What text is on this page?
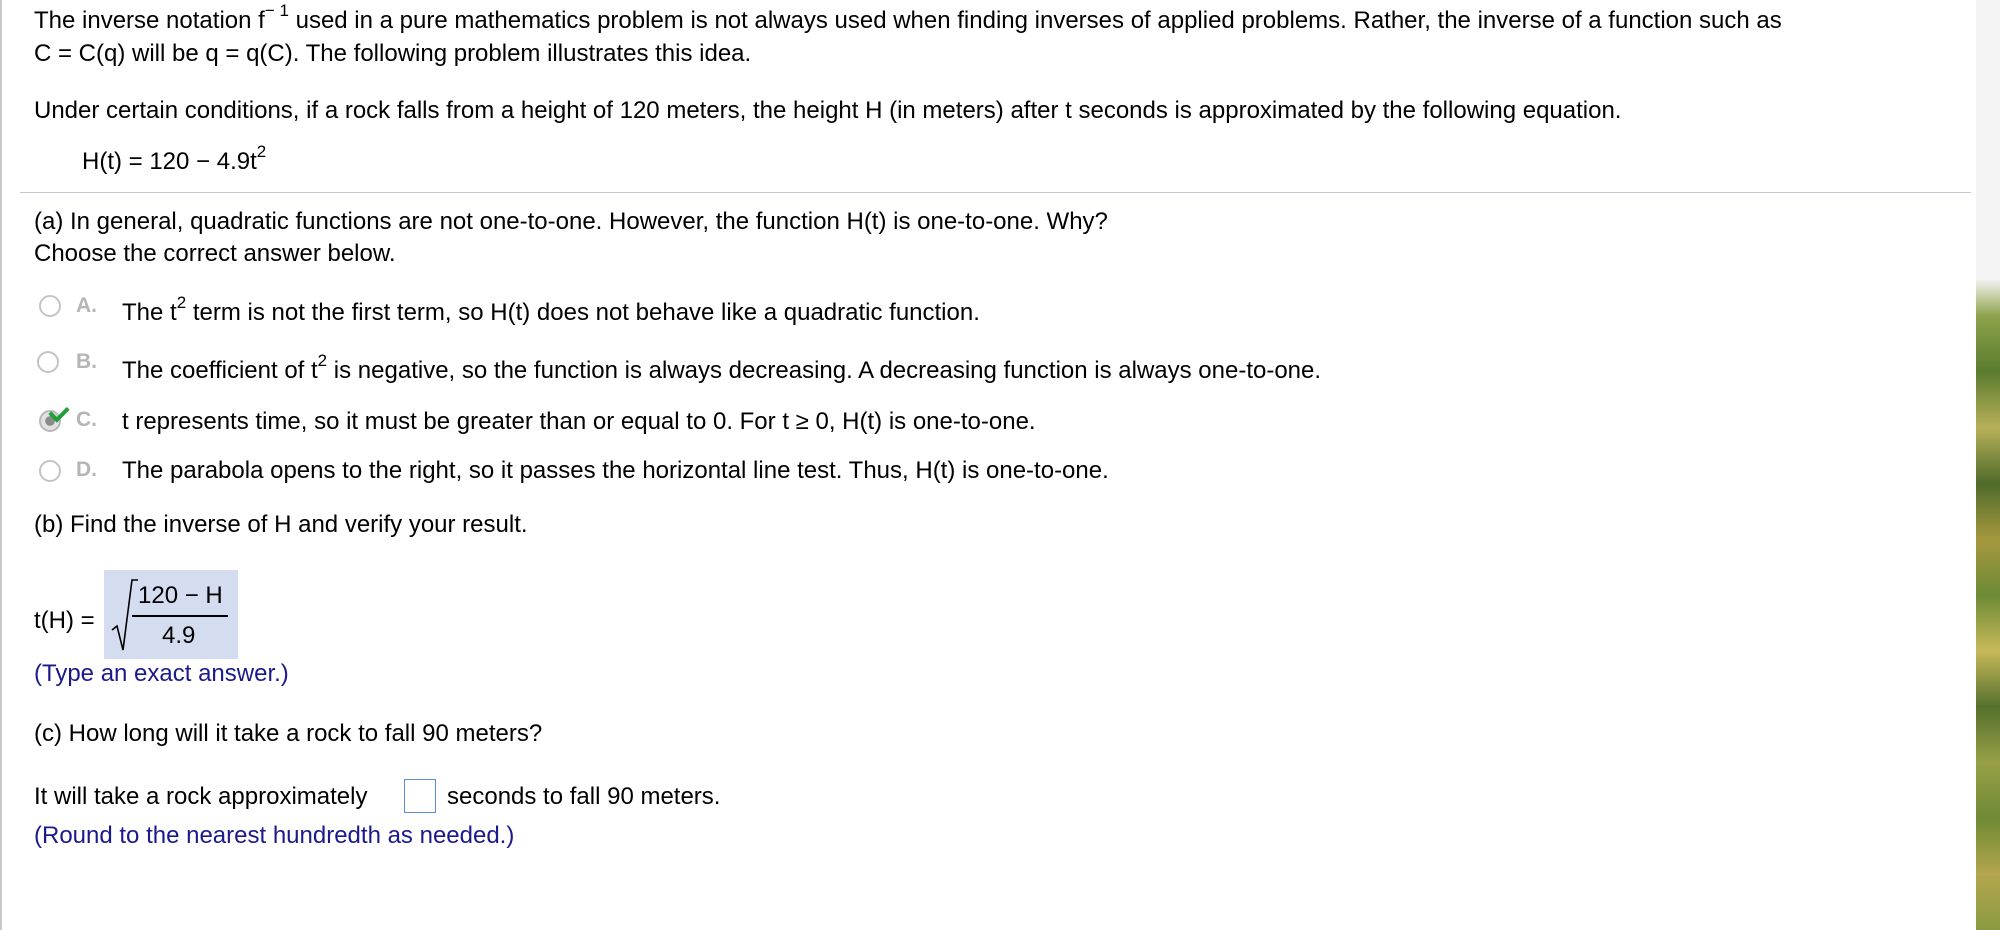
The inverse notation $f^{- 1}$ used in a pure mathematics problem is not always used when finding inverses of applied problems. Rather, the inverse of a function such as
C = C(q) will be q = q(C). The following problem illustrates this idea.
Under certain conditions, if a rock falls from a height of 120 meters, the height H (in meters) after t seconds is approximated by the following equation.
$H(t) = 120 - 4.9t^2$
(a) In general, quadratic functions are not one-to-one. However, the function H(t) is one-to-one. Why?
Choose the correct answer below.
A. The $t^2$ term is not the first term, so H(t) does not behave like a quadratic function.
B. The coefficient of $t^2$ is negative, so the function is always decreasing. A decreasing function is always one-to-one.
C. t represents time, so it must be greater than or equal to 0. For t ≥ 0, H(t) is one-to-one.
D. The parabola opens to the right, so it passes the horizontal line test. Thus, H(t) is one-to-one.
(b) Find the inverse of H and verify your result.
t(H) =
120 − H
4.9
(Type an exact answer.)
(c) How long will it take a rock to fall 90 meters?
It will take a rock approximately	seconds to fall 90 meters.
(Round to the nearest hundredth as needed.)
